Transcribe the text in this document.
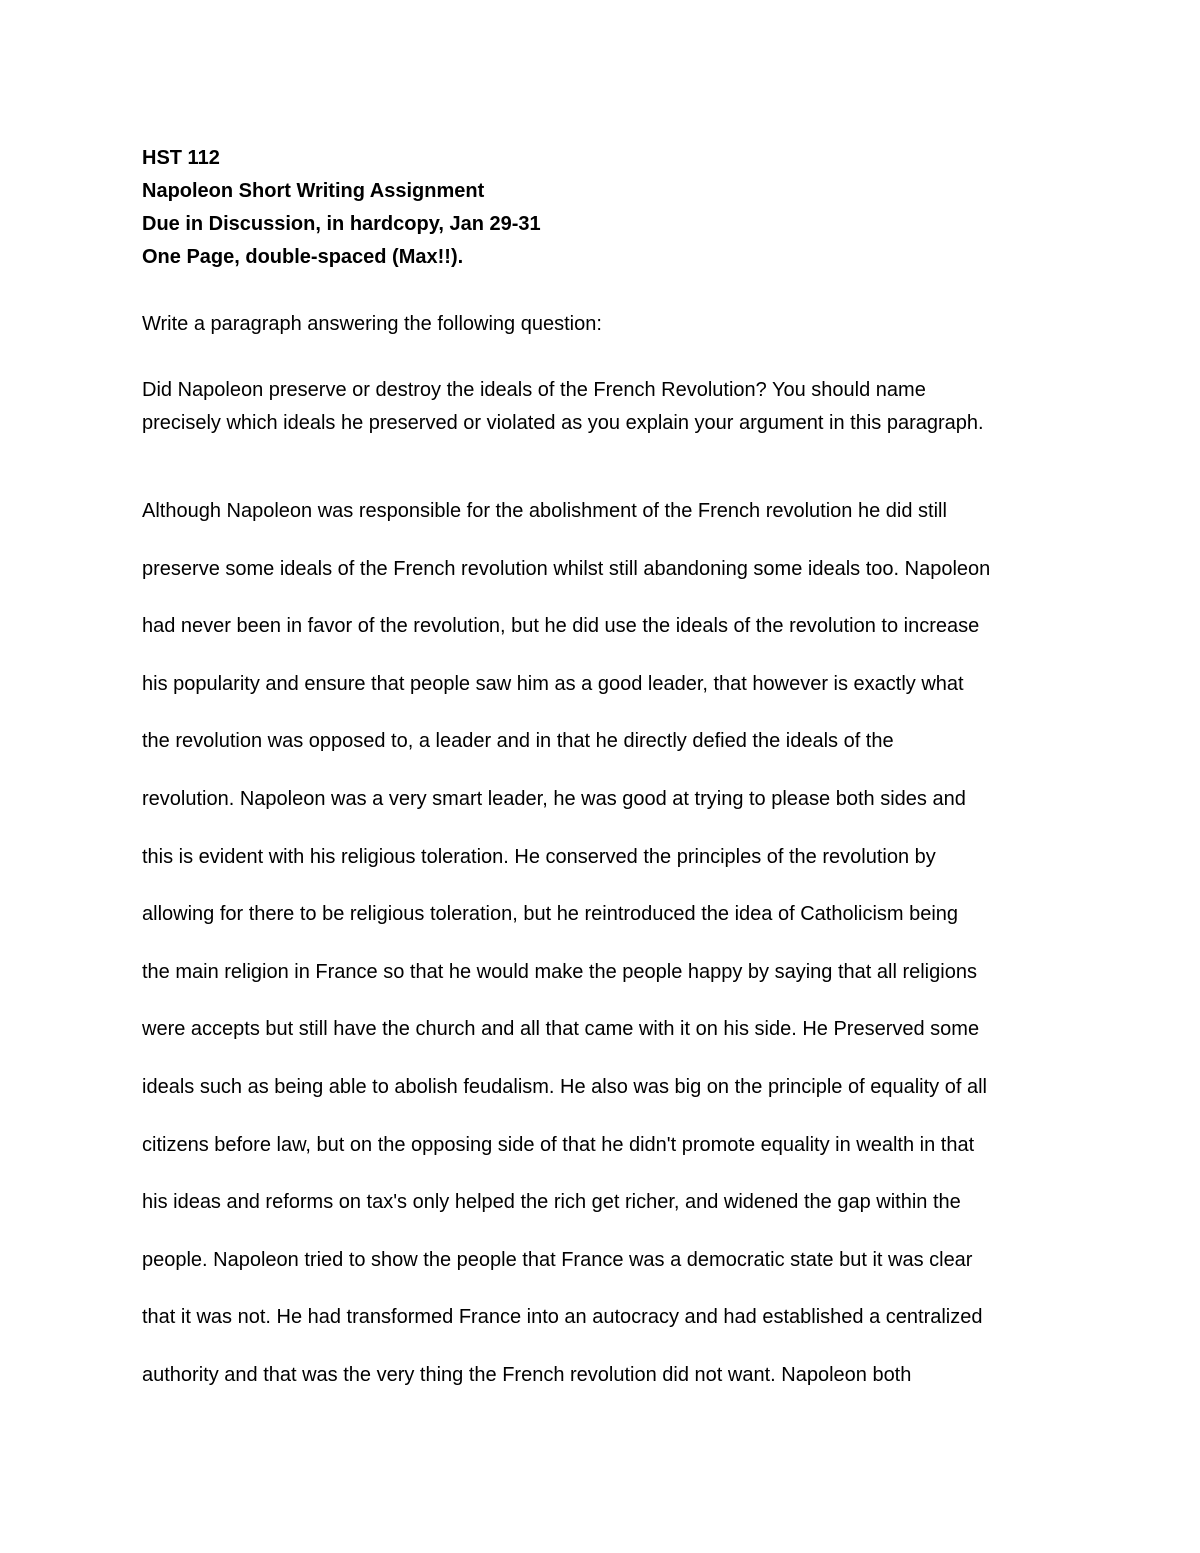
HST 112
Napoleon Short Writing Assignment
Due in Discussion, in hardcopy, Jan 29-31
One Page, double-spaced (Max!!).
Write a paragraph answering the following question:
Did Napoleon preserve or destroy the ideals of the French Revolution? You should name
precisely which ideals he preserved or violated as you explain your argument in this paragraph.
Although Napoleon was responsible for the abolishment of the French revolution he did still
preserve some ideals of the French revolution whilst still abandoning some ideals too. Napoleon
had never been in favor of the revolution, but he did use the ideals of the revolution to increase
his popularity and ensure that people saw him as a good leader, that however is exactly what
the revolution was opposed to, a leader and in that he directly defied the ideals of the
revolution. Napoleon was a very smart leader, he was good at trying to please both sides and
this is evident with his religious toleration. He conserved the principles of the revolution by
allowing for there to be religious toleration, but he reintroduced the idea of Catholicism being
the main religion in France so that he would make the people happy by saying that all religions
were accepts but still have the church and all that came with it on his side. He Preserved some
ideals such as being able to abolish feudalism. He also was big on the principle of equality of all
citizens before law, but on the opposing side of that he didn't promote equality in wealth in that
his ideas and reforms on tax's only helped the rich get richer, and widened the gap within the
people. Napoleon tried to show the people that France was a democratic state but it was clear
that it was not. He had transformed France into an autocracy and had established a centralized
authority and that was the very thing the French revolution did not want. Napoleon both
